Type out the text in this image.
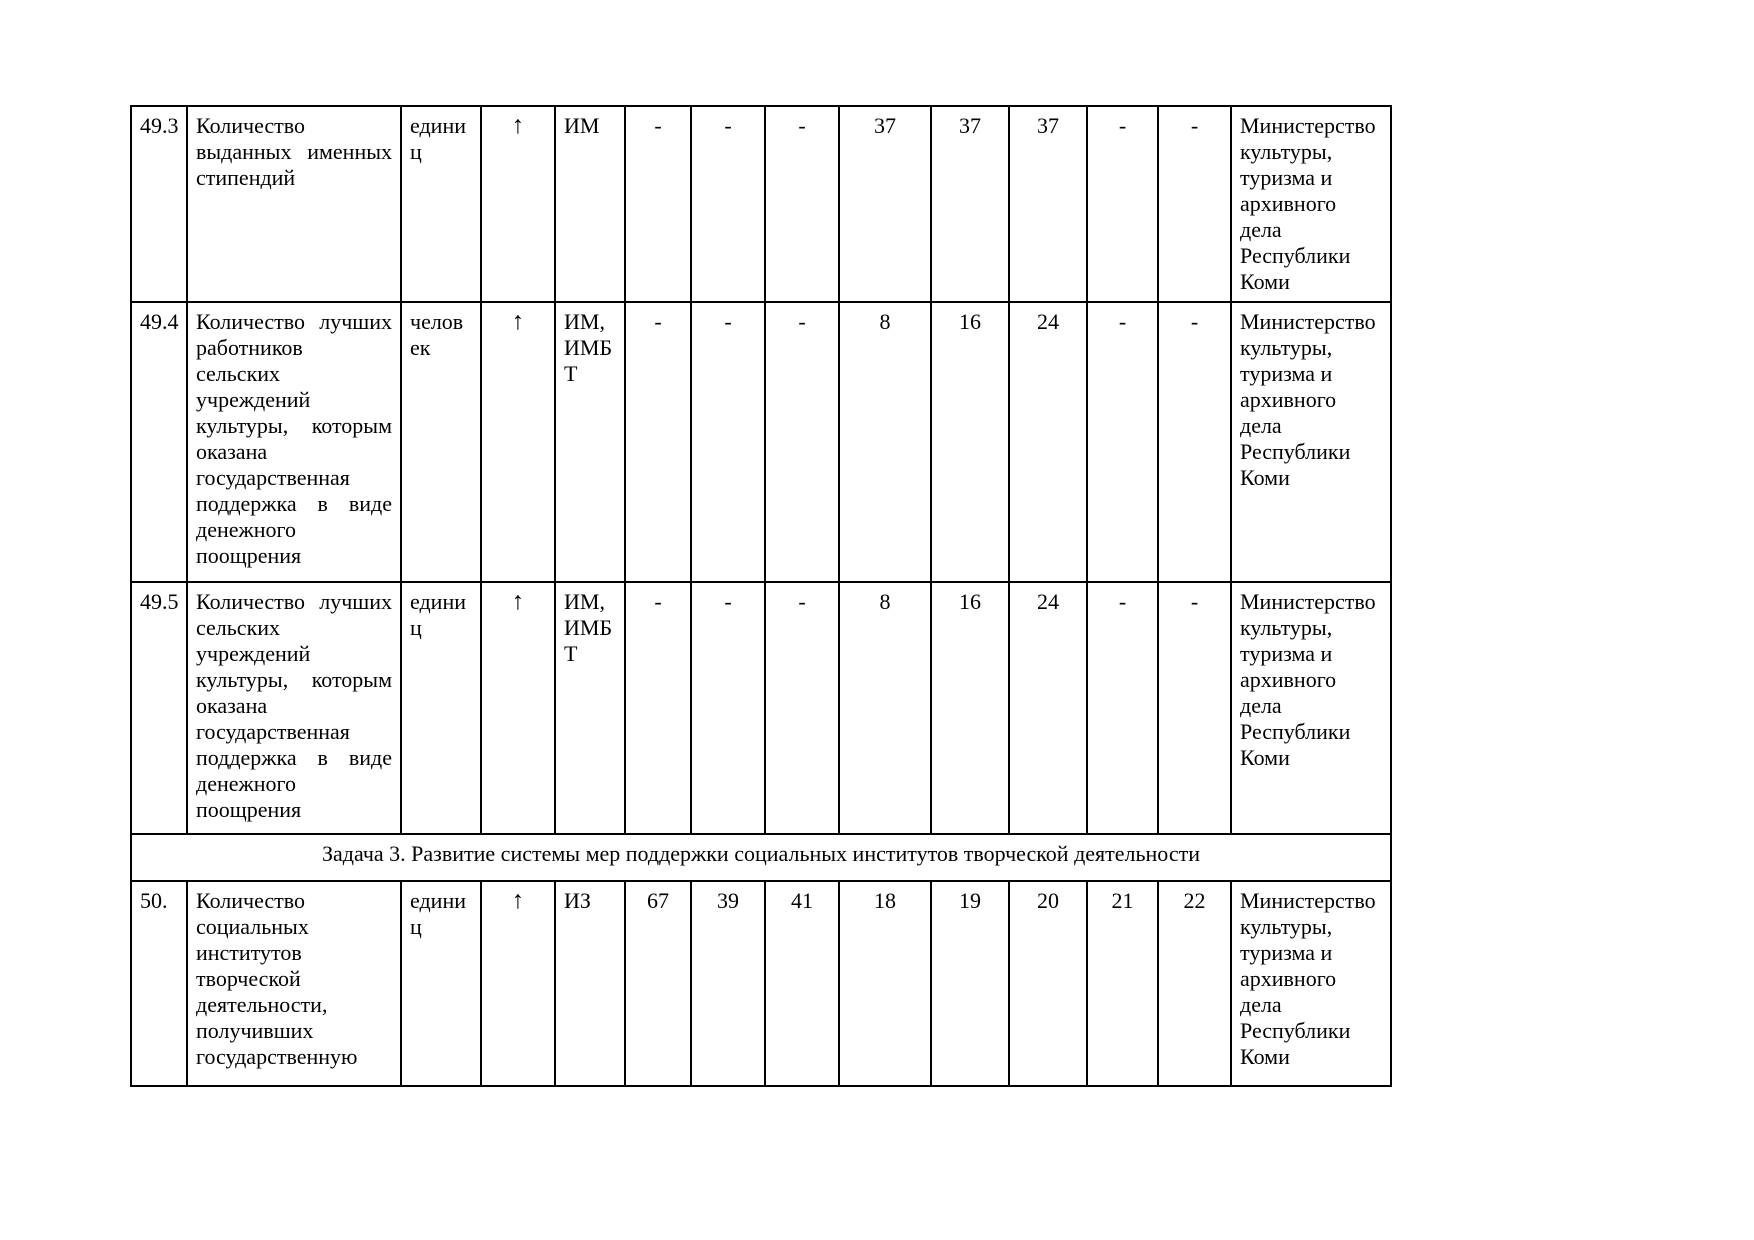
49.3	Количество выданных именных стипендий	единиц	↑	ИМ	-	-	-	37	37	37	-	-	Министерство культуры, туризма и архивного дела Республики Коми
49.4	Количество лучших работников сельских учреждений культуры, которым оказана государственная поддержка в виде денежного поощрения	человек	↑	ИМ, ИМБТ	-	-	-	8	16	24	-	-	Министерство культуры, туризма и архивного дела Республики Коми
49.5	Количество лучших сельских учреждений культуры, которым оказана государственная поддержка в виде денежного поощрения	единиц	↑	ИМ, ИМБТ	-	-	-	8	16	24	-	-	Министерство культуры, туризма и архивного дела Республики Коми
Задача 3. Развитие системы мер поддержки социальных институтов творческой деятельности													
50.	Количество социальных институтов творческой деятельности, получивших государственную	единиц	↑	ИЗ	67	39	41	18	19	20	21	22	Министерство культуры, туризма и архивного дела Республики Коми
